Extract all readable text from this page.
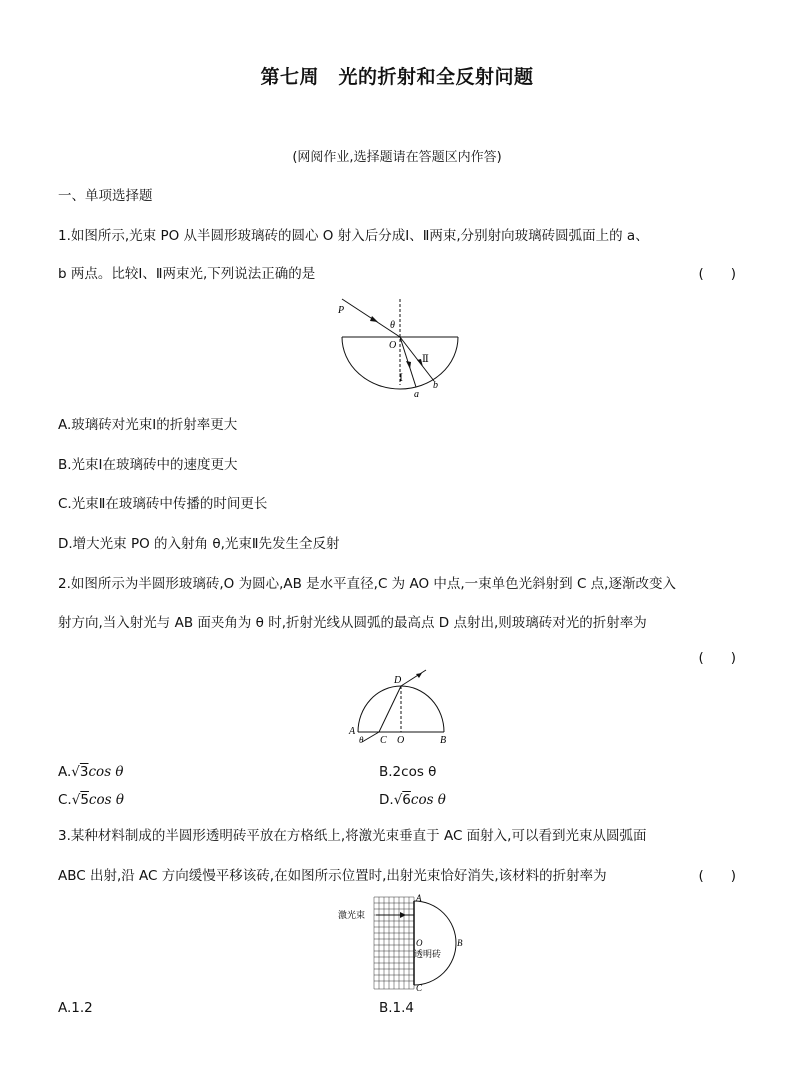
第七周　光的折射和全反射问题
(网阅作业,选择题请在答题区内作答)
一、单项选择题
1.如图所示,光束 PO 从半圆形玻璃砖的圆心 O 射入后分成Ⅰ、Ⅱ两束,分别射向玻璃砖圆弧面上的 a、
b 两点。比较Ⅰ、Ⅱ两束光,下列说法正确的是	(　　)
P
θ
O
Ⅰ
Ⅱ
a
b
A.玻璃砖对光束Ⅰ的折射率更大
B.光束Ⅰ在玻璃砖中的速度更大
C.光束Ⅱ在玻璃砖中传播的时间更长
D.增大光束 PO 的入射角 θ,光束Ⅱ先发生全反射
2.如图所示为半圆形玻璃砖,O 为圆心,AB 是水平直径,C 为 AO 中点,一束单色光斜射到 C 点,逐渐改变入
射方向,当入射光与 AB 面夹角为 θ 时,折射光线从圆弧的最高点 D 点射出,则玻璃砖对光的折射率为
(　　)
D
A
θ C O	B
A.√3cos θ	B.2cos θ
C.√5cos θ	D.√6cos θ
3.某种材料制成的半圆形透明砖平放在方格纸上,将激光束垂直于 AC 面射入,可以看到光束从圆弧面
ABC 出射,沿 AC 方向缓慢平移该砖,在如图所示位置时,出射光束恰好消失,该材料的折射率为	(　　)
激光束
A
O	B
透明砖
C
A.1.2	B.1.4
